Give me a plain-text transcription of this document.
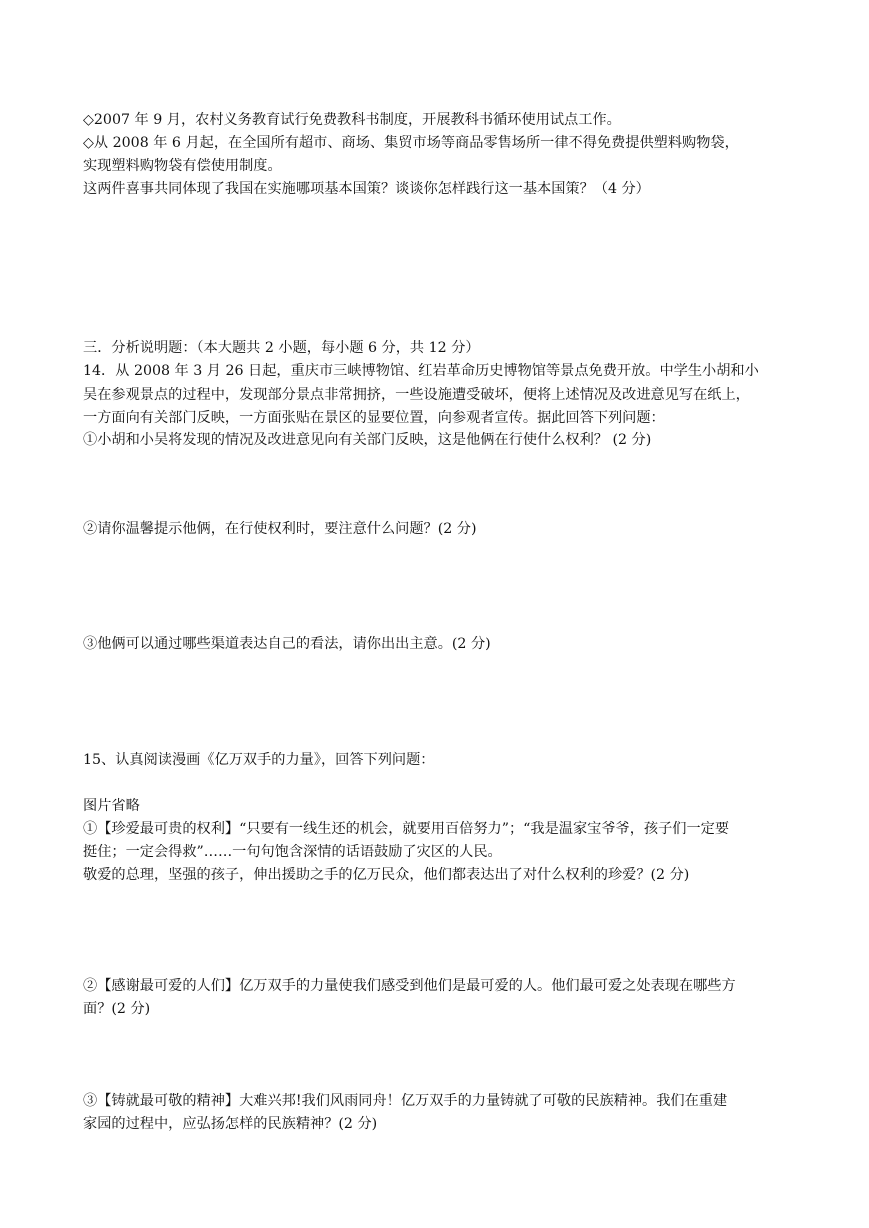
◇2007 年 9 月，农村义务教育试行免费教科书制度，开展教科书循环使用试点工作。
◇从 2008 年 6 月起，在全国所有超市、商场、集贸市场等商品零售场所一律不得免费提供塑料购物袋，
实现塑料购物袋有偿使用制度。
这两件喜事共同体现了我国在实施哪项基本国策？谈谈你怎样践行这一基本国策？（4 分）
三．分析说明题：（本大题共 2 小题，每小题 6 分，共 12 分）
14．从 2008 年 3 月 26 日起，重庆市三峡博物馆、红岩革命历史博物馆等景点免费开放。中学生小胡和小
吴在参观景点的过程中，发现部分景点非常拥挤，一些设施遭受破坏，便将上述情况及改进意见写在纸上，
一方面向有关部门反映，一方面张贴在景区的显要位置，向参观者宣传。据此回答下列问题：
①小胡和小吴将发现的情况及改进意见向有关部门反映，这是他俩在行使什么权利？ (2 分)
②请你温馨提示他俩，在行使权利时，要注意什么问题？(2 分)
③他俩可以通过哪些渠道表达自己的看法，请你出出主意。(2 分)
15、认真阅读漫画《亿万双手的力量》，回答下列问题：
图片省略
①【珍爱最可贵的权利】“只要有一线生还的机会，就要用百倍努力”；“我是温家宝爷爷，孩子们一定要
挺住；一定会得救”……一句句饱含深情的话语鼓励了灾区的人民。
敬爱的总理，坚强的孩子，伸出援助之手的亿万民众，他们都表达出了对什么权利的珍爱？(2 分)
②【感谢最可爱的人们】亿万双手的力量使我们感受到他们是最可爱的人。他们最可爱之处表现在哪些方
面？(2 分)
③【铸就最可敬的精神】大难兴邦!我们风雨同舟！亿万双手的力量铸就了可敬的民族精神。我们在重建
家园的过程中，应弘扬怎样的民族精神？(2 分)
